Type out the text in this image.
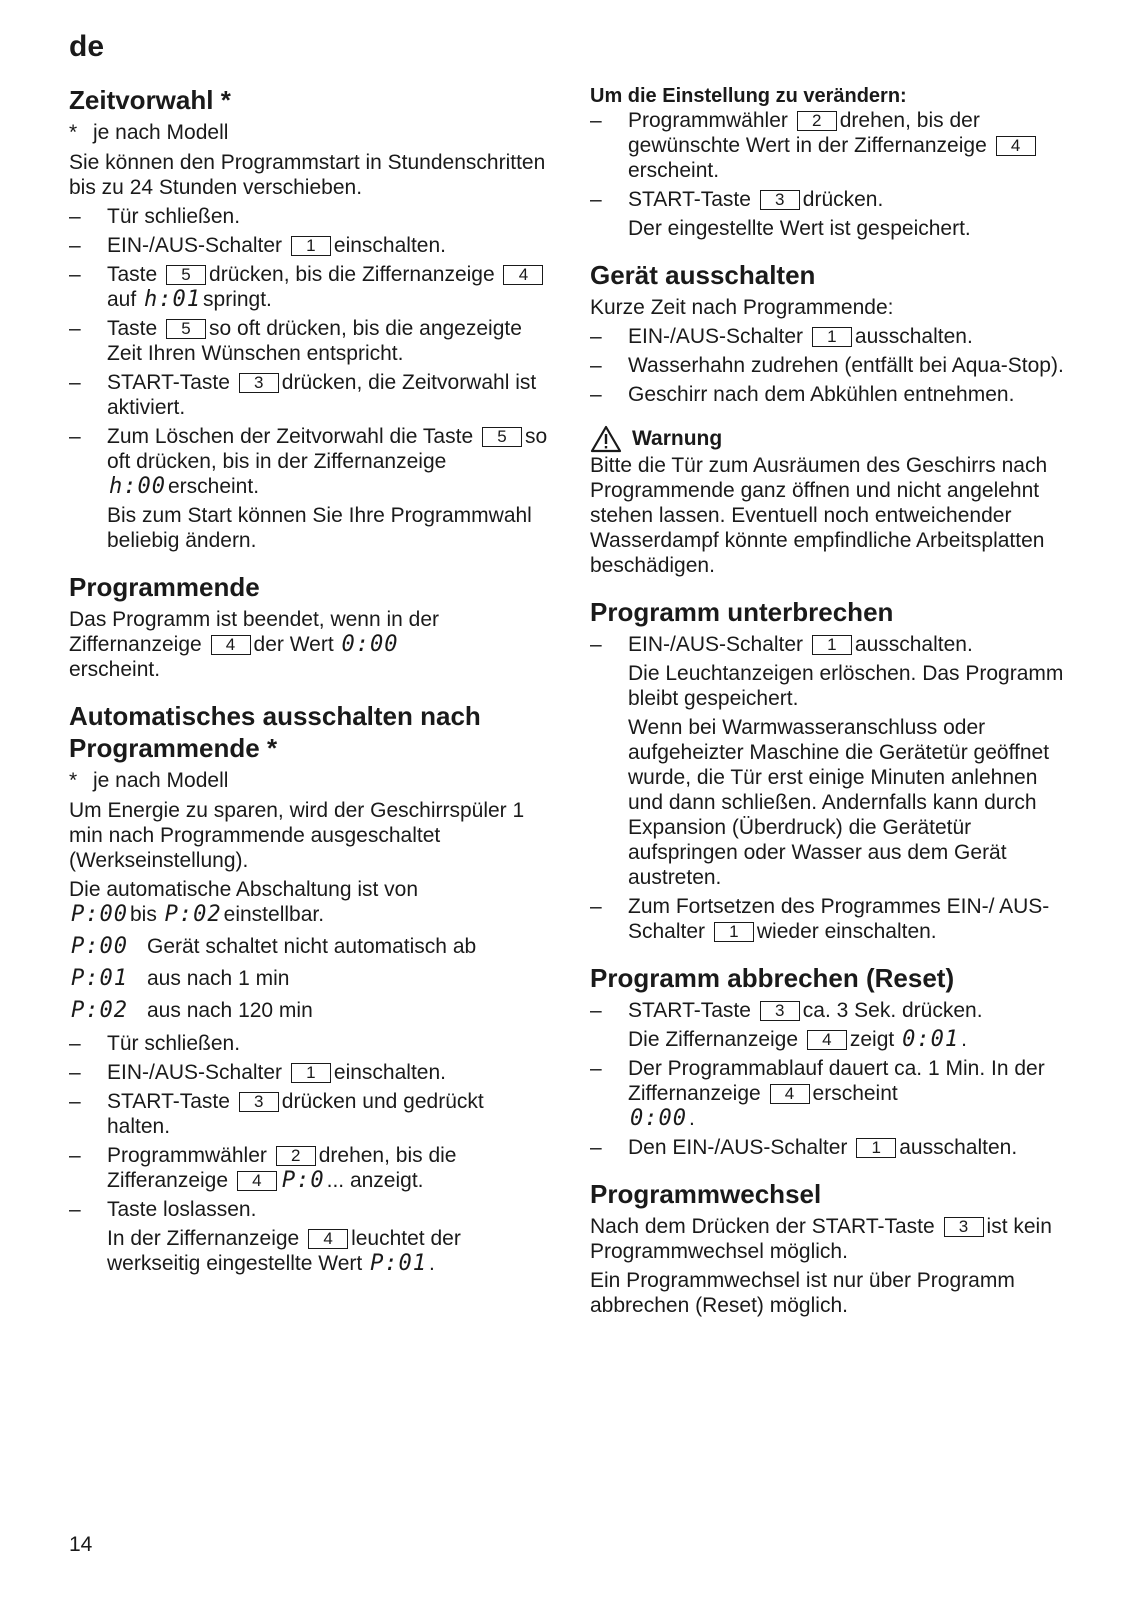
de
Zeitvorwahl *
* je nach Modell

Sie können den Programmstart in Stundenschritten bis zu 24 Stunden verschieben.

– Tür schließen.
– EIN-/AUS-Schalter 1 einschalten.
– Taste 5 drücken, bis die Ziffernanzeige 4auf h:01springt.
– Taste 5 so oft drücken, bis die angezeigte Zeit Ihren Wünschen entspricht.
– START-Taste 3 drücken, die Zeitvorwahl ist aktiviert.
– Zum Löschen der Zeitvorwahl die Taste 5 so oft drücken, bis in der Ziffernanzeige h:00erscheint.

Bis zum Start können Sie Ihre Programmwahl beliebig ändern.

Programmende

Das Programm ist beendet, wenn in der Ziffernanzeige 4 der Wert 0:00
erscheint.

Automatisches ausschalten nach Programmende *
* je nach Modell

Um Energie zu sparen, wird der Geschirrspüler 1 min nach Programmende ausgeschaltet (Werkseinstellung).

Die automatische Abschaltung ist von
P:00bis P:02einstellbar.

P:00 Gerät schaltet nicht automatisch ab
P:01 aus nach 1 min
P:02 aus nach 120 min
– Tür schließen.
– EIN-/AUS-Schalter 1 einschalten.
– START-Taste 3 drücken und gedrückt halten.
– Programmwähler 2 drehen, bis die Zifferanzeige 4 P:0... anzeigt.
– Taste loslassen.

In der Ziffernanzeige 4 leuchtet der werkseitig eingestellte Wert P:01.

Um die Einstellung zu verändern:
– Programmwähler 2 drehen, bis der gewünschte Wert in der Ziffernanzeige 4erscheint.
– START-Taste 3 drücken.

Der eingestellte Wert ist gespeichert.

Gerät ausschalten

Kurze Zeit nach Programmende:

– EIN-/AUS-Schalter 1 ausschalten.
– Wasserhahn zudrehen (entfällt bei Aqua-Stop).
– Geschirr nach dem Abkühlen entnehmen.
Warnung

Bitte die Tür zum Ausräumen des Geschirrs nach Programmende ganz öffnen und nicht angelehnt stehen lassen. Eventuell noch entweichender Wasserdampf könnte empfindliche Arbeitsplatten beschädigen.

Programm unterbrechen
– EIN-/AUS-Schalter 1 ausschalten.

Die Leuchtanzeigen erlöschen. Das Programm bleibt gespeichert.

Wenn bei Warmwasseranschluss oder aufgeheizter Maschine die Gerätetür geöffnet wurde, die Tür erst einige Minuten anlehnen und dann schließen. Andernfalls kann durch Expansion (Überdruck) die Gerätetür aufspringen oder Wasser aus dem Gerät austreten.

– Zum Fortsetzen des Programmes EIN-/ AUS-Schalter 1 wieder einschalten.
Programm abbrechen (Reset)
– START-Taste 3 ca. 3 Sek. drücken.

Die Ziffernanzeige 4 zeigt 0:01.

– Der Programmablauf dauert ca. 1 Min. In der Ziffernanzeige 4 erscheint
0:00.
– Den EIN-/AUS-Schalter 1 ausschalten.
Programmwechsel

Nach dem Drücken der START-Taste 3 ist kein Programmwechsel möglich.

Ein Programmwechsel ist nur über Programm abbrechen (Reset) möglich.

14
